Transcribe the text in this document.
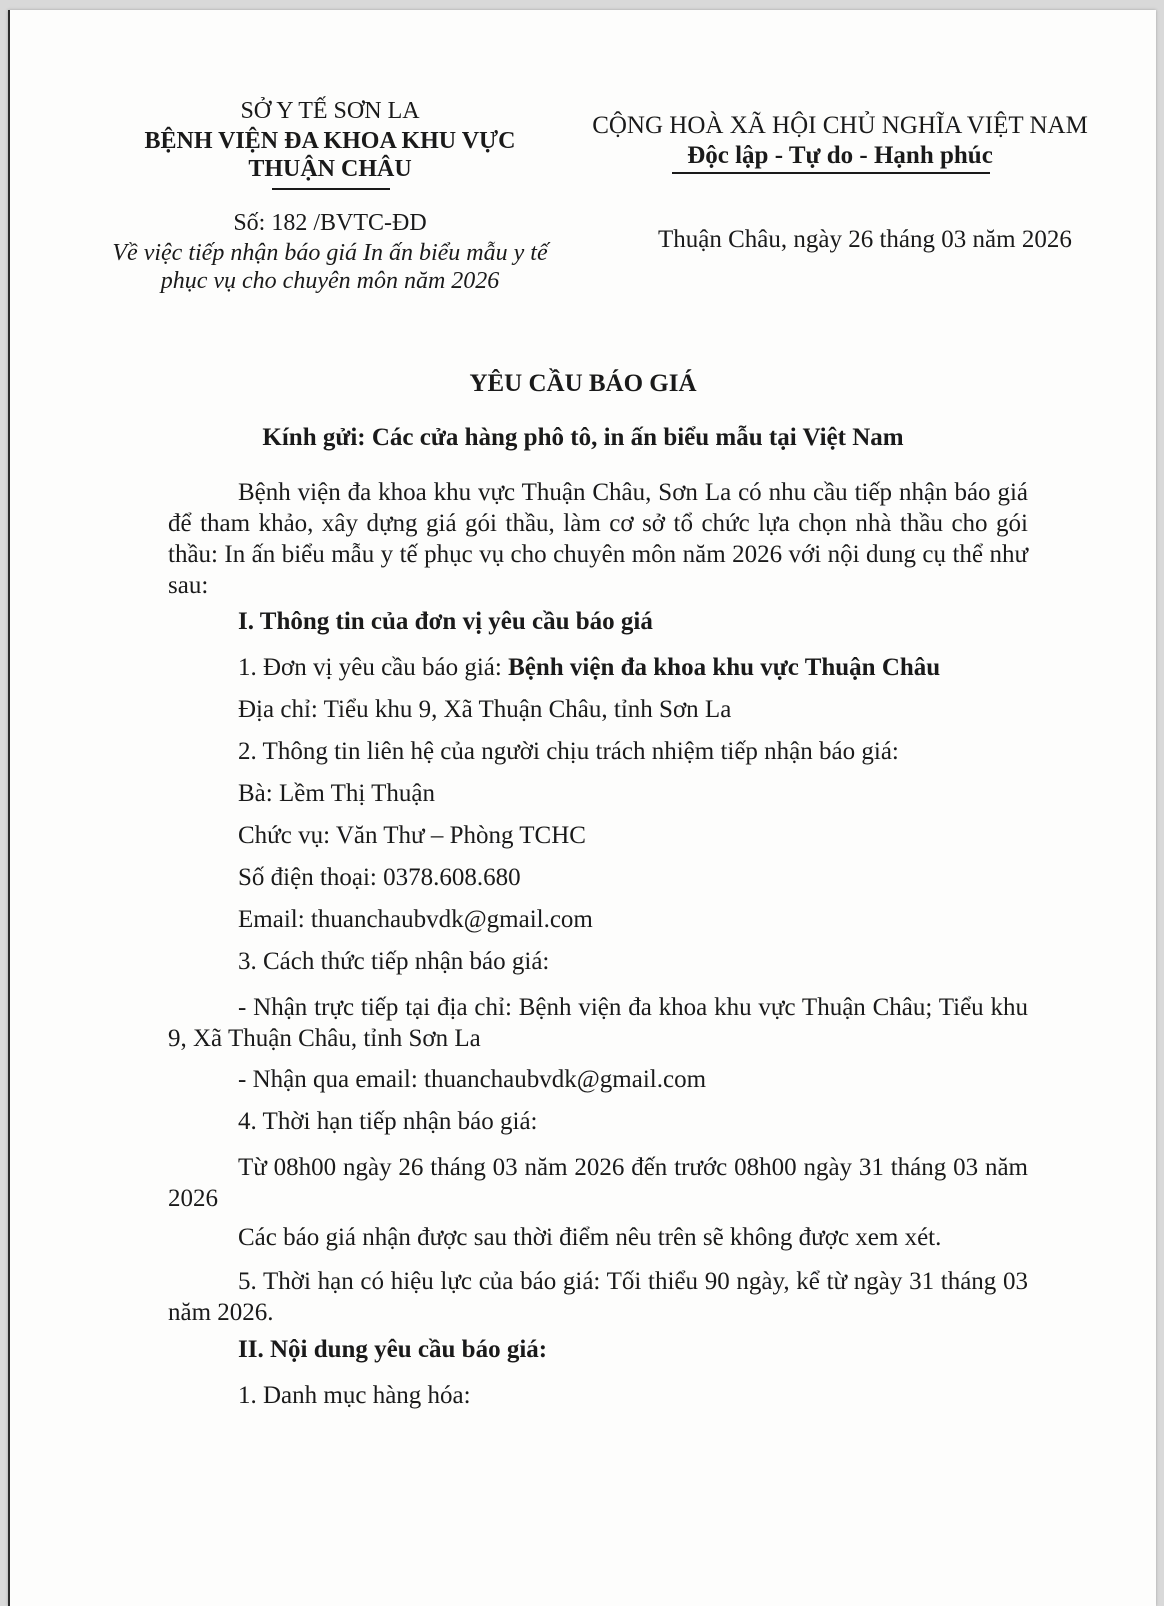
SỞ Y TẾ SƠN LA
BỆNH VIỆN ĐA KHOA KHU VỰC
THUẬN CHÂU
Số: 182 /BVTC-ĐD
Về việc tiếp nhận báo giá In ấn biểu mẫu y tế
phục vụ cho chuyên môn năm 2026
CỘNG HOÀ XÃ HỘI CHỦ NGHĨA VIỆT NAM
Độc lập - Tự do - Hạnh phúc
Thuận Châu, ngày 26 tháng 03 năm 2026
YÊU CẦU BÁO GIÁ
Kính gửi: Các cửa hàng phô tô, in ấn biểu mẫu tại Việt Nam
Bệnh viện đa khoa khu vực Thuận Châu, Sơn La có nhu cầu tiếp nhận báo giá để tham khảo, xây dựng giá gói thầu, làm cơ sở tổ chức lựa chọn nhà thầu cho gói thầu: In ấn biểu mẫu y tế phục vụ cho chuyên môn năm 2026 với nội dung cụ thể như sau:
I. Thông tin của đơn vị yêu cầu báo giá
1. Đơn vị yêu cầu báo giá: Bệnh viện đa khoa khu vực Thuận Châu
Địa chỉ: Tiểu khu 9, Xã Thuận Châu, tỉnh Sơn La
2. Thông tin liên hệ của người chịu trách nhiệm tiếp nhận báo giá:
Bà: Lềm Thị Thuận
Chức vụ: Văn Thư – Phòng TCHC
Số điện thoại: 0378.608.680
Email: thuanchaubvdk@gmail.com
3. Cách thức tiếp nhận báo giá:
- Nhận trực tiếp tại địa chỉ: Bệnh viện đa khoa khu vực Thuận Châu; Tiểu khu 9, Xã Thuận Châu, tỉnh Sơn La
- Nhận qua email: thuanchaubvdk@gmail.com
4. Thời hạn tiếp nhận báo giá:
Từ 08h00 ngày 26 tháng 03 năm 2026 đến trước 08h00 ngày 31 tháng 03 năm 2026
Các báo giá nhận được sau thời điểm nêu trên sẽ không được xem xét.
5. Thời hạn có hiệu lực của báo giá: Tối thiểu 90 ngày, kể từ ngày 31 tháng 03 năm 2026.
II. Nội dung yêu cầu báo giá:
1. Danh mục hàng hóa:
